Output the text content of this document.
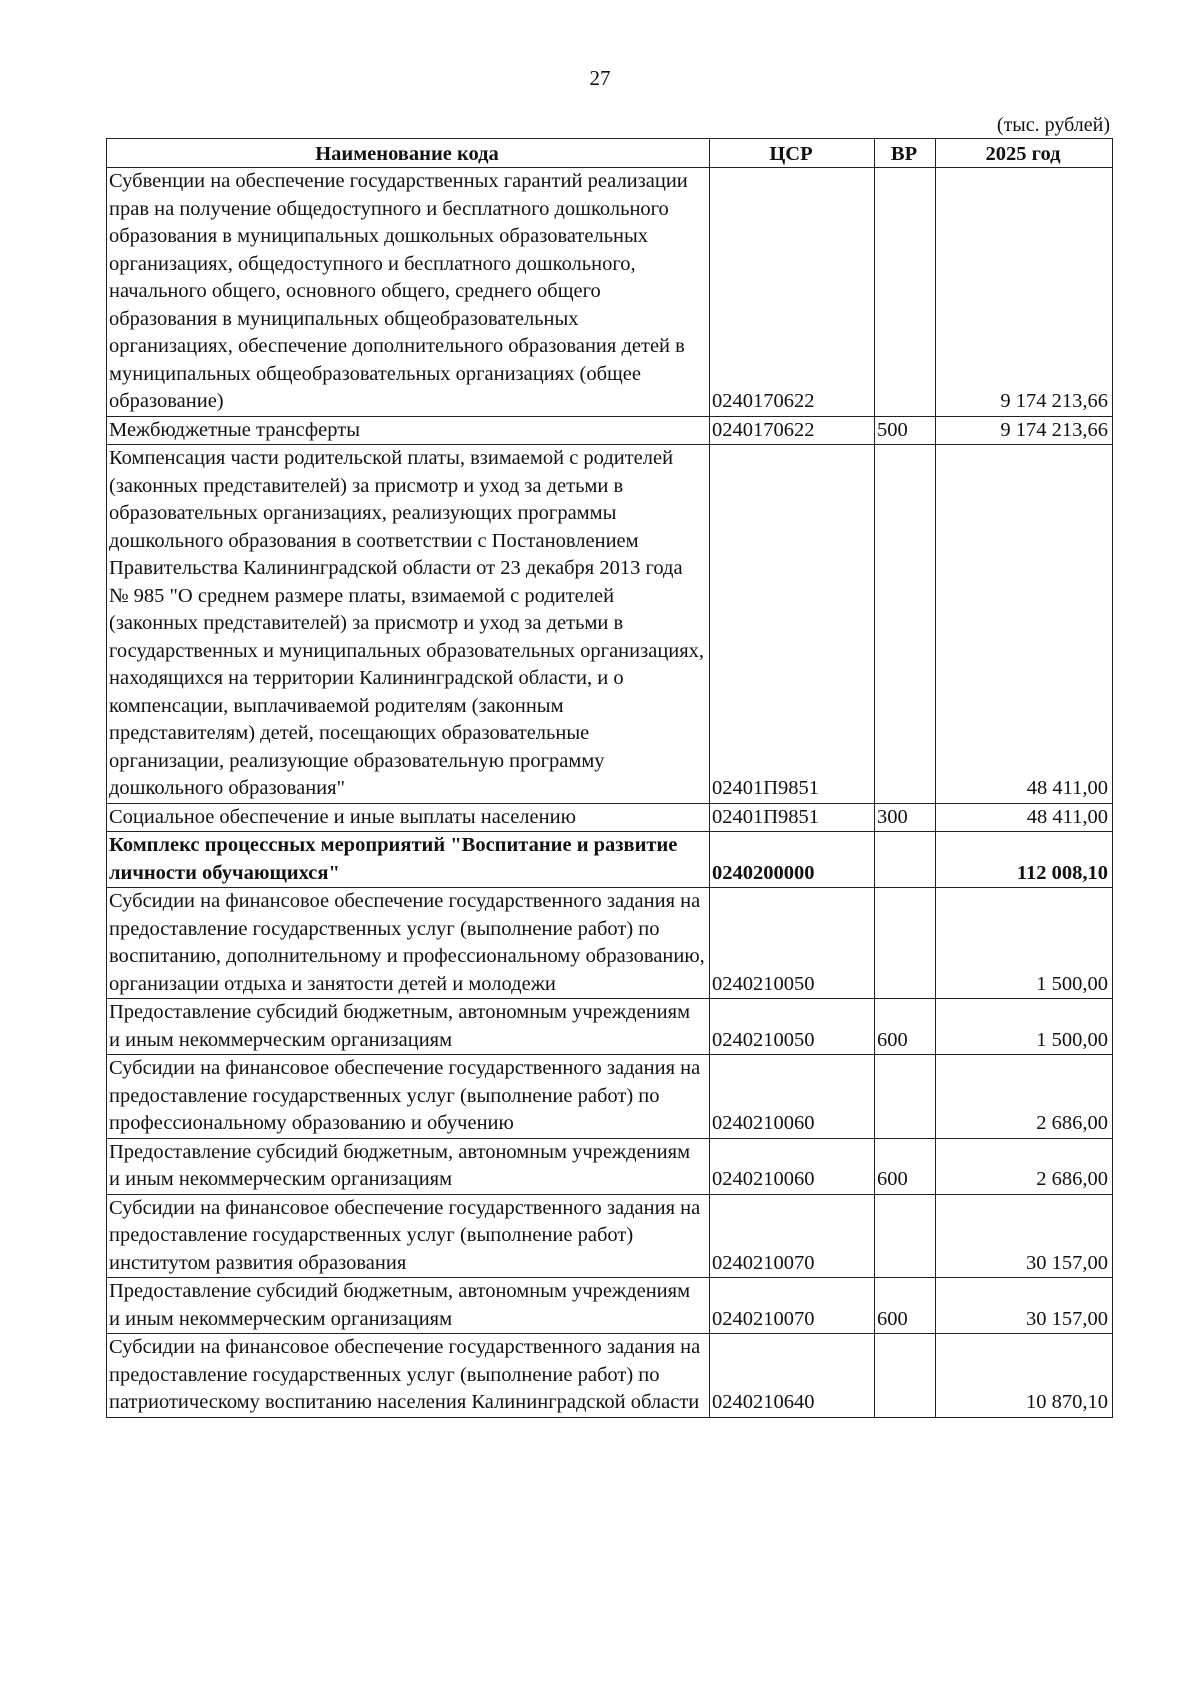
27
(тыс. рублей)
Наименование кода	ЦСР	ВР	2025 год
Субвенции на обеспечение государственных гарантий реализации прав на получение общедоступного и бесплатного дошкольного образования в муниципальных дошкольных образовательных организациях, общедоступного и бесплатного дошкольного, начального общего, основного общего, среднего общего образования в муниципальных общеобразовательных организациях, обеспечение дополнительного образования детей в муниципальных общеобразовательных организациях (общее образование)	0240170622		9 174 213,66
Межбюджетные трансферты	0240170622	500	9 174 213,66
Компенсация части родительской платы, взимаемой с родителей (законных представителей) за присмотр и уход за детьми в образовательных организациях, реализующих программы дошкольного образования в соответствии с Постановлением Правительства Калининградской области от 23 декабря 2013 года № 985 "О среднем размере платы, взимаемой с родителей (законных представителей) за присмотр и уход за детьми в государственных и муниципальных образовательных организациях, находящихся на территории Калининградской области, и о компенсации, выплачиваемой родителям (законным представителям) детей, посещающих образовательные организации, реализующие образовательную программу дошкольного образования"	02401П9851		48 411,00
Социальное обеспечение и иные выплаты населению	02401П9851	300	48 411,00
Комплекс процессных мероприятий "Воспитание и развитие личности обучающихся"	0240200000		112 008,10
Субсидии на финансовое обеспечение государственного задания на предоставление государственных услуг (выполнение работ) по воспитанию, дополнительному и профессиональному образованию, организации отдыха и занятости детей и молодежи	0240210050		1 500,00
Предоставление субсидий бюджетным, автономным учреждениям и иным некоммерческим организациям	0240210050	600	1 500,00
Субсидии на финансовое обеспечение государственного задания на предоставление государственных услуг (выполнение работ) по профессиональному образованию и обучению	0240210060		2 686,00
Предоставление субсидий бюджетным, автономным учреждениям и иным некоммерческим организациям	0240210060	600	2 686,00
Субсидии на финансовое обеспечение государственного задания на предоставление государственных услуг (выполнение работ) институтом развития образования	0240210070		30 157,00
Предоставление субсидий бюджетным, автономным учреждениям и иным некоммерческим организациям	0240210070	600	30 157,00
Субсидии на финансовое обеспечение государственного задания на предоставление государственных услуг (выполнение работ) по патриотическому воспитанию населения Калининградской области	0240210640		10 870,10
